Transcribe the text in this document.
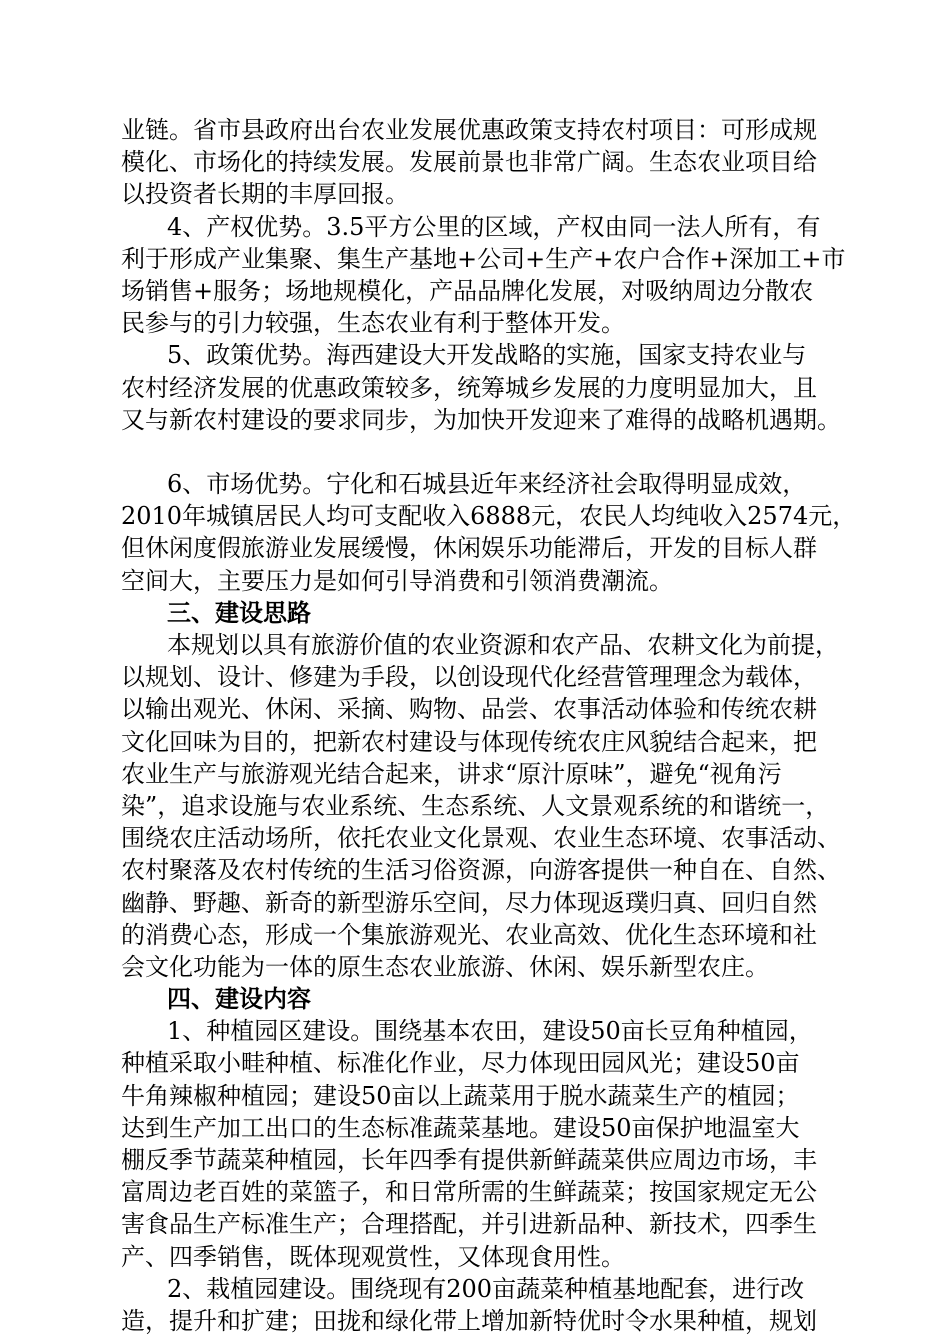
业链。省市县政府出台农业发展优惠政策支持农村项目：可形成规
模化、市场化的持续发展。发展前景也非常广阔。生态农业项目给
以投资者长期的丰厚回报。
4、产权优势。3.5平方公里的区域，产权由同一法人所有，有
利于形成产业集聚、集生产基地+公司+生产+农户合作+深加工+市
场销售+服务；场地规模化，产品品牌化发展，对吸纳周边分散农
民参与的引力较强，生态农业有利于整体开发。
5、政策优势。海西建设大开发战略的实施，国家支持农业与
农村经济发展的优惠政策较多，统筹城乡发展的力度明显加大，且
又与新农村建设的要求同步，为加快开发迎来了难得的战略机遇期。
6、市场优势。宁化和石城县近年来经济社会取得明显成效，
2010年城镇居民人均可支配收入6888元，农民人均纯收入2574元，
但休闲度假旅游业发展缓慢，休闲娱乐功能滞后，开发的目标人群
空间大，主要压力是如何引导消费和引领消费潮流。
三、建设思路
本规划以具有旅游价值的农业资源和农产品、农耕文化为前提，
以规划、设计、修建为手段，以创设现代化经营管理理念为载体，
以输出观光、休闲、采摘、购物、品尝、农事活动体验和传统农耕
文化回味为目的，把新农村建设与体现传统农庄风貌结合起来，把
农业生产与旅游观光结合起来，讲求“原汁原味”，避免“视角污
染”，追求设施与农业系统、生态系统、人文景观系统的和谐统一，
围绕农庄活动场所，依托农业文化景观、农业生态环境、农事活动、
农村聚落及农村传统的生活习俗资源，向游客提供一种自在、自然、
幽静、野趣、新奇的新型游乐空间，尽力体现返璞归真、回归自然
的消费心态，形成一个集旅游观光、农业高效、优化生态环境和社
会文化功能为一体的原生态农业旅游、休闲、娱乐新型农庄。
四、建设内容
1、种植园区建设。围绕基本农田，建设50亩长豆角种植园，
种植采取小畦种植、标准化作业，尽力体现田园风光；建设50亩
牛角辣椒种植园；建设50亩以上蔬菜用于脱水蔬菜生产的植园；
达到生产加工出口的生态标准蔬菜基地。建设50亩保护地温室大
棚反季节蔬菜种植园，长年四季有提供新鲜蔬菜供应周边市场，丰
富周边老百姓的菜篮子，和日常所需的生鲜蔬菜；按国家规定无公
害食品生产标准生产；合理搭配，并引进新品种、新技术，四季生
产、四季销售，既体现观赏性，又体现食用性。
2、栽植园建设。围绕现有200亩蔬菜种植基地配套，进行改
造，提升和扩建；田拢和绿化带上增加新特优时令水果种植，规划
